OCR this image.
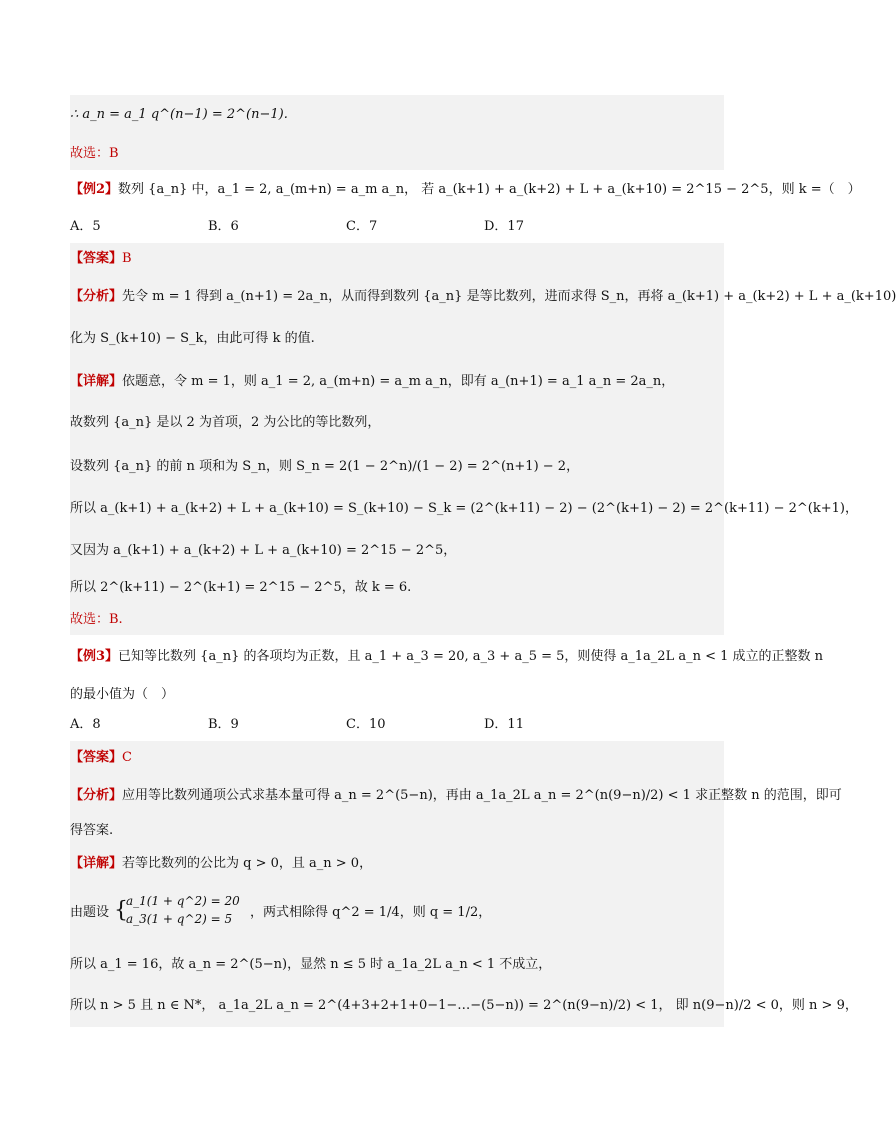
∴ a_n = a_1 q^(n−1) = 2^(n−1).
故选：B
【例2】数列 {a_n} 中，a_1 = 2, a_(m+n) = a_m a_n， 若 a_(k+1) + a_(k+2) + L + a_(k+10) = 2^15 − 2^5，则 k =（　）
A．5	B．6	C．7	D．17
【答案】B
【分析】先令 m = 1 得到 a_(n+1) = 2a_n，从而得到数列 {a_n} 是等比数列，进而求得 S_n，再将 a_(k+1) + a_(k+2) + L + a_(k+10)
化为 S_(k+10) − S_k，由此可得 k 的值.
【详解】依题意，令 m = 1，则 a_1 = 2, a_(m+n) = a_m a_n，即有 a_(n+1) = a_1 a_n = 2a_n，
故数列 {a_n} 是以 2 为首项，2 为公比的等比数列，
设数列 {a_n} 的前 n 项和为 S_n，则 S_n = 2(1 − 2^n)/(1 − 2) = 2^(n+1) − 2，
所以 a_(k+1) + a_(k+2) + L + a_(k+10) = S_(k+10) − S_k = (2^(k+11) − 2) − (2^(k+1) − 2) = 2^(k+11) − 2^(k+1)，
又因为 a_(k+1) + a_(k+2) + L + a_(k+10) = 2^15 − 2^5，
所以 2^(k+11) − 2^(k+1) = 2^15 − 2^5，故 k = 6.
故选：B.
【例3】已知等比数列 {a_n} 的各项均为正数，且 a_1 + a_3 = 20, a_3 + a_5 = 5，则使得 a_1a_2L a_n < 1 成立的正整数 n
的最小值为（　）
A．8	B．9	C．10	D．11
【答案】C
【分析】应用等比数列通项公式求基本量可得 a_n = 2^(5−n)，再由 a_1a_2L a_n = 2^(n(9−n)/2) < 1 求正整数 n 的范围，即可
得答案.
【详解】若等比数列的公比为 q > 0，且 a_n > 0，
由题设 {
a_1(1 + q^2) = 20
a_3(1 + q^2) = 5 ，两式相除得 q^2 = 1/4，则 q = 1/2，
所以 a_1 = 16，故 a_n = 2^(5−n)，显然 n ≤ 5 时 a_1a_2L a_n < 1 不成立，
所以 n > 5 且 n ∈ N*， a_1a_2L a_n = 2^(4+3+2+1+0−1−…−(5−n)) = 2^(n(9−n)/2) < 1， 即 n(9−n)/2 < 0，则 n > 9，
